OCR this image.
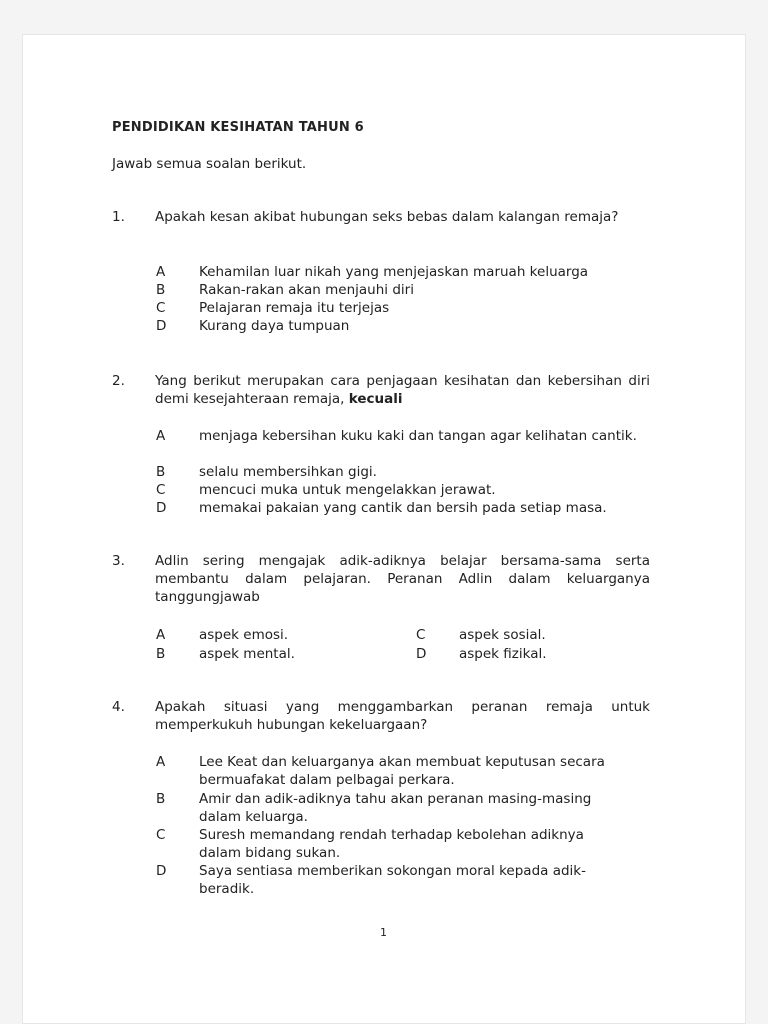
PENDIDIKAN KESIHATAN TAHUN 6
Jawab semua soalan berikut.
1. Apakah kesan akibat hubungan seks bebas dalam kalangan remaja?
A	Kehamilan luar nikah yang menjejaskan maruah keluarga
B Rakan-rakan akan menjauhi diri
C Pelajaran remaja itu terjejas
D Kurang daya tumpuan
2. Yang berikut merupakan cara penjagaan kesihatan dan kebersihan diri demi kesejahteraan remaja, kecuali
A	menjaga kebersihan kuku kaki dan tangan agar kelihatan cantik.
B selalu membersihkan gigi.
C mencuci muka untuk mengelakkan jerawat.
D memakai pakaian yang cantik dan bersih pada setiap masa.
3. Adlin sering mengajak adik-adiknya belajar bersama-sama serta membantu dalam pelajaran. Peranan Adlin dalam keluarganya tanggungjawab
A	aspek emosi.
B aspek mental.
C aspek sosial.
D aspek fizikal.
4. Apakah situasi yang menggambarkan peranan remaja untuk memperkukuh hubungan kekeluargaan?
A	Lee Keat dan keluarganya akan membuat keputusan secara bermuafakat dalam pelbagai perkara.
B Amir dan adik-adiknya tahu akan peranan masing-masing dalam keluarga.
C Suresh memandang rendah terhadap kebolehan adiknya dalam bidang sukan.
D Saya sentiasa memberikan sokongan moral kepada adik-beradik.
1
